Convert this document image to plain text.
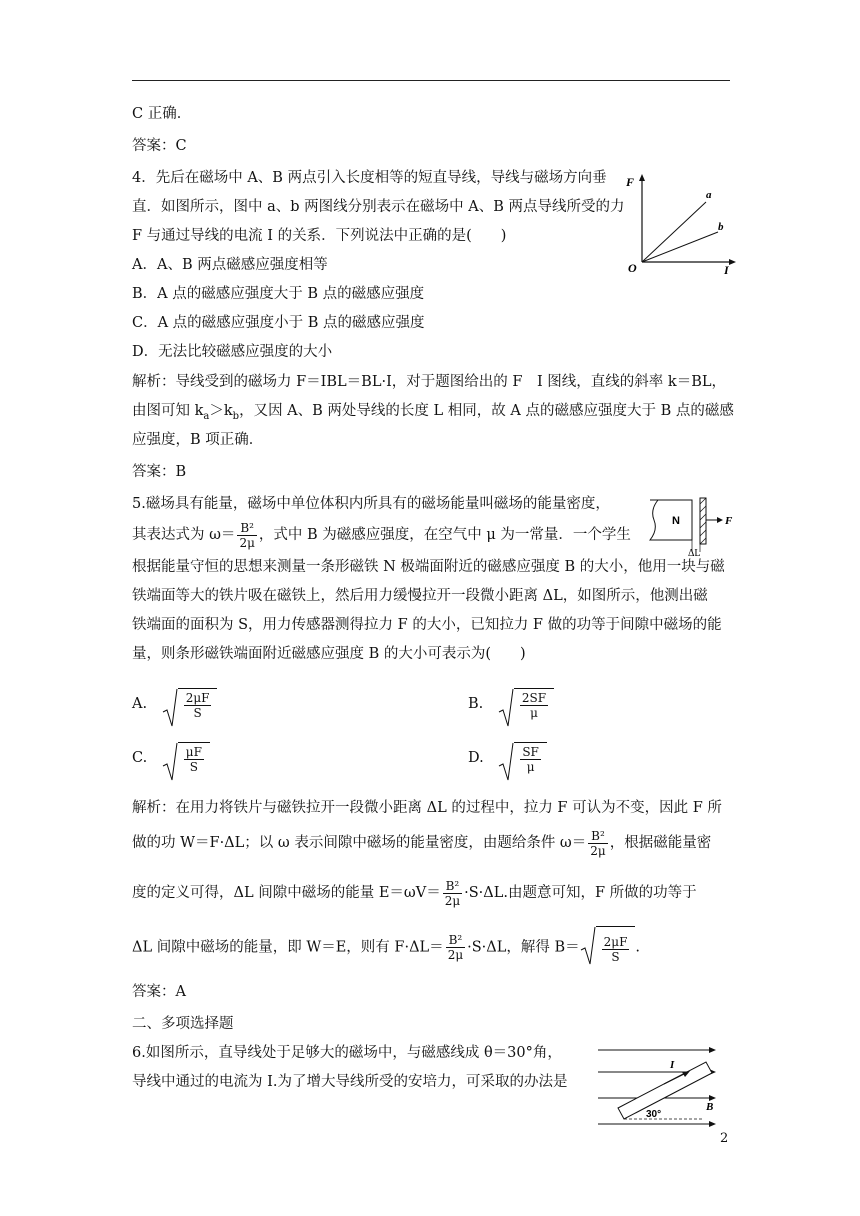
C 正确．
答案：C
4．先后在磁场中 A、B 两点引入长度相等的短直导线，导线与磁场方向垂
直．如图所示，图中 a、b 两图线分别表示在磁场中 A、B 两点导线所受的力
F 与通过导线的电流 I 的关系．下列说法中正确的是(　　)
A．A、B 两点磁感应强度相等
B．A 点的磁感应强度大于 B 点的磁感应强度
C．A 点的磁感应强度小于 B 点的磁感应强度
D．无法比较磁感应强度的大小
F
O	I
a
b
解析：导线受到的磁场力 F＝IBL＝BL·I，对于题图给出的 F　I 图线，直线的斜率 k＝BL，
由图可知 $k_a>k_b$，又因 A、B 两处导线的长度 L 相同，故 A 点的磁感应强度大于 B 点的磁感
应强度，B 项正确．
答案：B
5.磁场具有能量，磁场中单位体积内所具有的磁场能量叫磁场的能量密度，
其表达式为 $\omega= \frac{\text{B²}}{2\mu}$ ，式中 B 为磁感应强度，在空气中 μ 为一常量．一个学生
N	F
ΔL
根据能量守恒的思想来测量一条形磁铁 N 极端面附近的磁感应强度 B 的大小，他用一块与磁
铁端面等大的铁片吸在磁铁上，然后用力缓慢拉开一段微小距离 ΔL，如图所示，他测出磁
铁端面的面积为 S，用力传感器测得拉力 F 的大小，已知拉力 F 做的功等于间隙中磁场的能
量，则条形磁铁端面附近磁感应强度 B 的大小可表示为(　　)
A.	$\frac{2\mu F}{S}$	B.	$\frac{2SF}{\mu}$
C.	$\frac{\mu F}{S}$	D.	$\frac{SF}{\mu}$
解析：在用力将铁片与磁铁拉开一段微小距离 ΔL 的过程中，拉力 F 可认为不变，因此 F 所
做的功 W＝F·ΔL；以 ω 表示间隙中磁场的能量密度，由题给条件 $\omega= \frac{\text{B²}}{2\mu}$ ，根据磁能量密
度的定义可得，ΔL 间隙中磁场的能量 $E=\omega V= \frac{\text{B²}}{2\mu} \cdot S\cdot\Delta L$.由题意可知，F 所做的功等于
ΔL 间隙中磁场的能量，即 W＝E，则有 $F\cdot\Delta L= \frac{\text{B²}}{2\mu} \cdot S\cdot\Delta L$，解得 $B= \frac{2\mu F}{S}$ .
答案：A
二、多项选择题
6.如图所示，直导线处于足够大的磁场中，与磁感线成 θ＝30°角，
导线中通过的电流为 I.为了增大导线所受的安培力，可采取的办法是
I
30°
B
2
